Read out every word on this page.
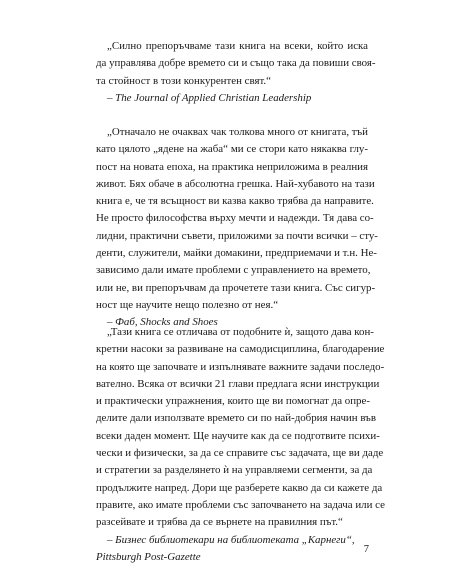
„Силно препоръчваме тази книга на всеки, който иска
да управлява добре времето си и също така да повиши своя-
та стойност в този конкурентен свят.“
– The Journal of Applied Christian Leadership
„Отначало не очаквах чак толкова много от книгата, тъй
като цялото „ядене на жаба“ ми се стори като някаква глу-
пост на новата епоха, на практика неприложима в реалния
живот. Бях обаче в абсолютна грешка. Най-хубавото на тази
книга е, че тя всъщност ви казва какво трябва да направите.
Не просто философства върху мечти и надежди. Тя дава со-
лидни, практични съвети, приложими за почти всички – сту-
денти, служители, майки домакини, предприемачи и т.н. Не-
зависимо дали имате проблеми с управлението на времето,
или не, ви препоръчвам да прочетете тази книга. Със сигур-
ност ще научите нещо полезно от нея.“
– Фаб, Shocks and Shoes
„Тази книга се отличава от подобните ѝ, защото дава кон-
кретни насоки за развиване на самодисциплина, благодарение
на която ще започвате и изпълнявате важните задачи последо-
вателно. Всяка от всички 21 глави предлага ясни инструкции
и практически упражнения, които ще ви помогнат да опре-
делите дали използвате времето си по най-добрия начин във
всеки даден момент. Ще научите как да се подготвите психи-
чески и физически, за да се справите със задачата, ще ви даде
и стратегии за разделянето ѝ на управляеми сегменти, за да
продължите напред. Дори ще разберете какво да си кажете да
правите, ако имате проблеми със започването на задача или се
разсейвате и трябва да се върнете на правилния път.“
– Бизнес библиотекари на библиотеката „Карнеги“,
Pittsburgh Post-Gazette
7
